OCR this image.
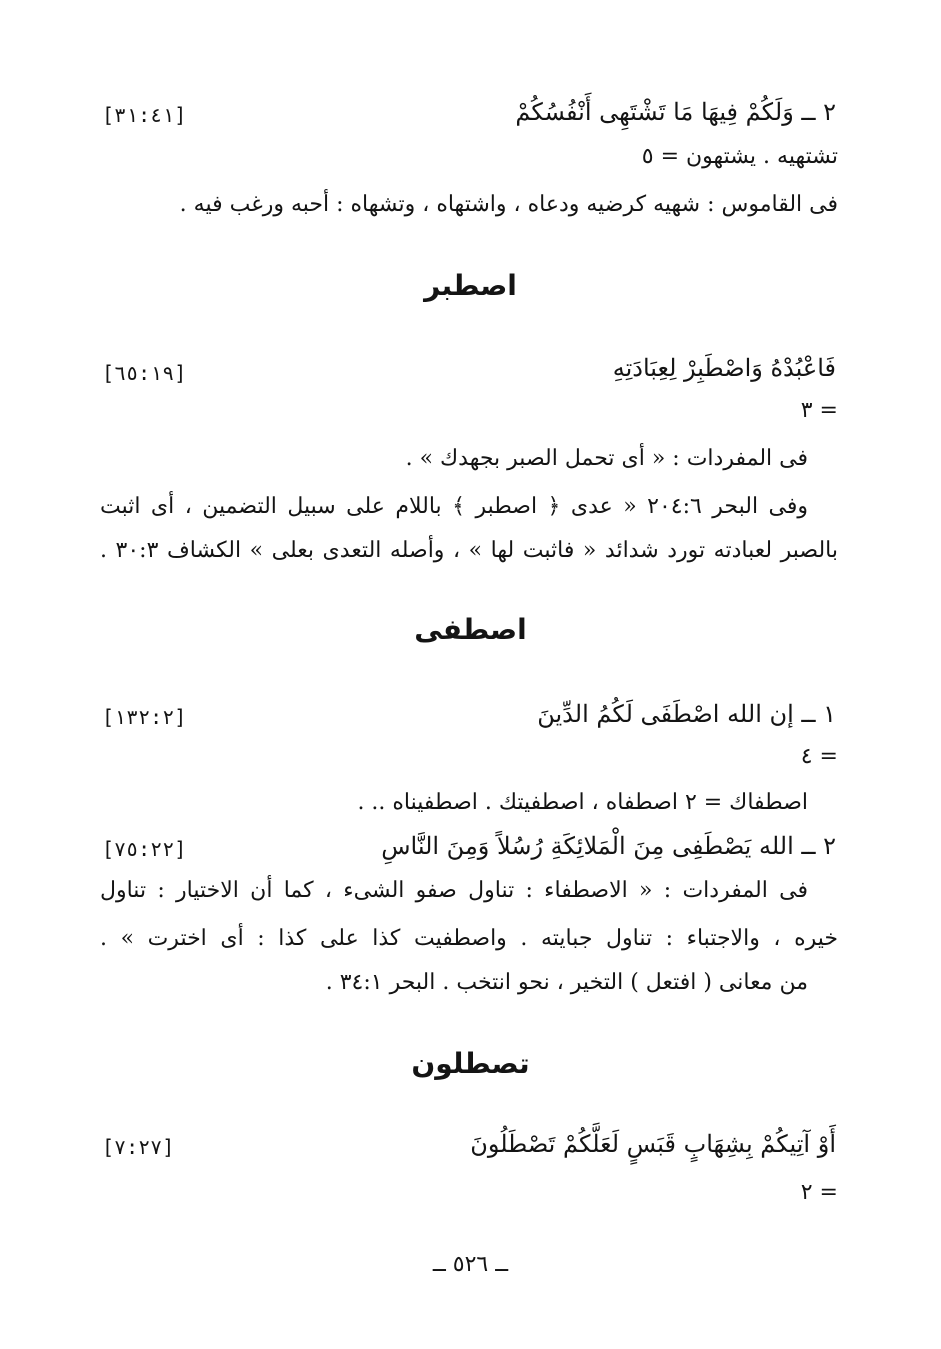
٢ ــ وَلَكُمْ فِيهَا مَا تَشْتَهِى أَنْفُسُكُمْ
[٣١:٤١]
تشتهيه . يشتهون = ٥
فى القاموس : شهيه كرضيه ودعاه ، واشتهاه ، وتشهاه : أحبه ورغب فيه .
اصطبر
فَاعْبُدْهُ وَاصْطَبِرْ لِعِبَادَتِهِ
[٦٥:١٩]
= ٣
فى المفردات : « أى تحمل الصبر بجهدك » .
وفى البحر ٢٠٤:٦ « عدى ﴿ اصطبر ﴾ باللام على سبيل التضمين ، أى اثبت
بالصبر لعبادته تورد شدائد « فاثبت لها » ، وأصله التعدى بعلى » الكشاف ٣٠:٣ .
اصطفى
١ ــ إن الله اصْطَفَى لَكُمُ الدِّينَ
[١٣٢:٢]
= ٤
اصطفاك = ٢ اصطفاه ، اصطفيتك . اصطفيناه .. .
٢ ــ الله يَصْطَفِى مِنَ الْمَلائِكَةِ رُسُلاً وَمِنَ النَّاسِ
[٧٥:٢٢]
فى المفردات : « الاصطفاء : تناول صفو الشىء ، كما أن الاختيار : تناول
خيره ، والاجتباء : تناول جبايته . واصطفيت كذا على كذا : أى اخترت » .
من معانى ( افتعل ) التخير ، نحو انتخب . البحر ٣٤:١ .
تصطلون
أَوْ آتِيكُمْ بِشِهَابٍ قَبَسٍ لَعَلَّكُمْ تَصْطَلُونَ
[٧:٢٧]
= ٢
ــ ٥٢٦ ــ
